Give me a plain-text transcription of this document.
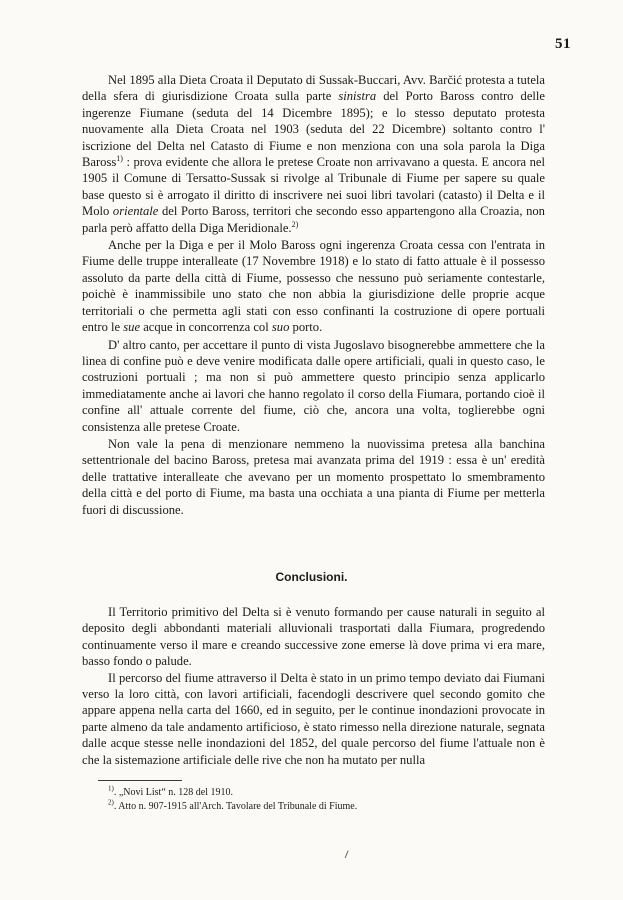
51

Nel 1895 alla Dieta Croata il Deputato di Sussak-Buccari, Avv. Barčić protesta a tutela della sfera di giurisdizione Croata sulla parte sinistra del Porto Baross contro delle ingerenze Fiumane (seduta del 14 Dicembre 1895); e lo stesso deputato protesta nuovamente alla Dieta Croata nel 1903 (seduta del 22 Dicembre) soltanto contro l' iscrizione del Delta nel Catasto di Fiume e non menziona con una sola parola la Diga Baross$^{1)}$ : prova evidente che allora le pretese Croate non arrivavano a questa. E ancora nel 1905 il Comune di Tersatto-Sussak si rivolge al Tribunale di Fiume per sapere su quale base questo si è arrogato il diritto di inscrivere nei suoi libri tavolari (catasto) il Delta e il Molo orientale del Porto Baross, territori che secondo esso appartengono alla Croazia, non parla però affatto della Diga Meridionale.$^{2)}$

Anche per la Diga e per il Molo Baross ogni ingerenza Croata cessa con l'entrata in Fiume delle truppe interalleate (17 Novembre 1918) e lo stato di fatto attuale è il possesso assoluto da parte della città di Fiume, possesso che nessuno può seriamente contestarle, poichè è inammissibile uno stato che non abbia la giurisdizione delle proprie acque territoriali o che permetta agli stati con esso confinanti la costruzione di opere portuali entro le sue acque in concorrenza col suo porto.

D' altro canto, per accettare il punto di vista Jugoslavo bisognerebbe ammettere che la linea di confine può e deve venire modificata dalle opere artificiali, quali in questo caso, le costruzioni portuali ; ma non si può ammettere questo principio senza applicarlo immediatamente anche ai lavori che hanno regolato il corso della Fiumara, portando cioè il confine all' attuale corrente del fiume, ciò che, ancora una volta, toglierebbe ogni consistenza alle pretese Croate.

Non vale la pena di menzionare nemmeno la nuovissima pretesa alla banchina settentrionale del bacino Baross, pretesa mai avanzata prima del 1919 : essa è un' eredità delle trattative interalleate che avevano per un momento prospettato lo smembramento della città e del porto di Fiume, ma basta una occhiata a una pianta di Fiume per metterla fuori di discussione.

Conclusioni.

Il Territorio primitivo del Delta si è venuto formando per cause naturali in seguito al deposito degli abbondanti materiali alluvionali trasportati dalla Fiumara, progredendo continuamente verso il mare e creando successive zone emerse là dove prima vi era mare, basso fondo o palude.

Il percorso del fiume attraverso il Delta è stato in un primo tempo deviato dai Fiumani verso la loro città, con lavori artificiali, facendogli descrivere quel secondo gomito che appare appena nella carta del 1660, ed in seguito, per le continue inondazioni provocate in parte almeno da tale andamento artificioso, è stato rimesso nella direzione naturale, segnata dalle acque stesse nelle inondazioni del 1852, del quale percorso del fiume l'attuale non è che la sistemazione artificiale delle rive che non ha mutato per nulla

$^{1)}$. „Novi List“ n. 128 del 1910.
$^{2)}$. Atto n. 907-1915 all'Arch. Tavolare del Tribunale di Fiume.
